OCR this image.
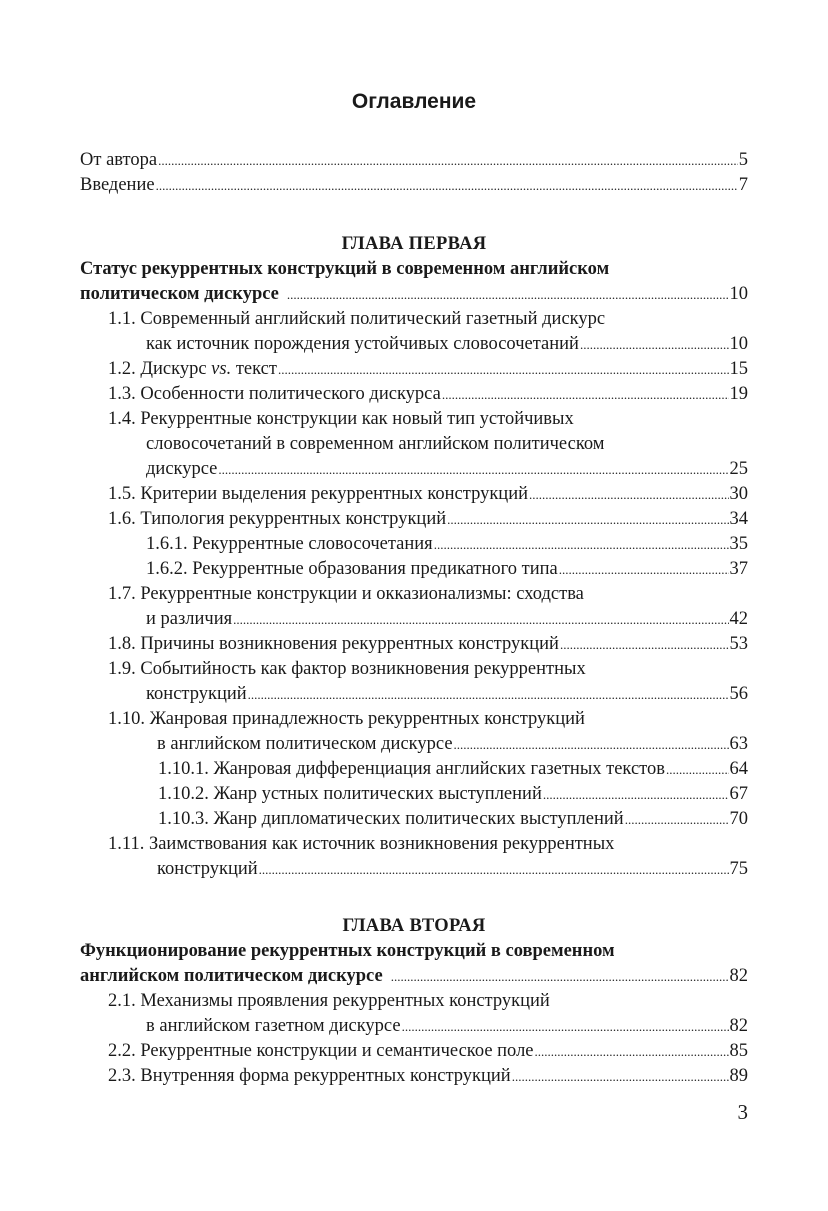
Оглавление
От автора .....	5
Введение .....	7
ГЛАВА ПЕРВАЯ
Статус рекуррентных конструкций в современном английском
политическом дискурсе .....	10
1.1. Современный английский политический газетный дискурс
как источник порождения устойчивых словосочетаний .....	10
1.2. Дискурс vs. текст .....	15
1.3. Особенности политического дискурса .....	19
1.4. Рекуррентные конструкции как новый тип устойчивых
словосочетаний в современном английском политическом
дискурсе .....	25
1.5. Критерии выделения рекуррентных конструкций .....	30
1.6. Типология рекуррентных конструкций .....	34
1.6.1. Рекуррентные словосочетания .....	35
1.6.2. Рекуррентные образования предикатного типа .....	37
1.7. Рекуррентные конструкции и окказионализмы: сходства
и различия .....	42
1.8. Причины возникновения рекуррентных конструкций .....	53
1.9. Событийность как фактор возникновения рекуррентных
конструкций .....	56
1.10. Жанровая принадлежность рекуррентных конструкций
в английском политическом дискурсе .....	63
1.10.1. Жанровая дифференциация английских газетных текстов .....	64
1.10.2. Жанр устных политических выступлений .....	67
1.10.3. Жанр дипломатических политических выступлений .....	70
1.11. Заимствования как источник возникновения рекуррентных
конструкций .....	75
ГЛАВА ВТОРАЯ
Функционирование рекуррентных конструкций в современном
английском политическом дискурсе .....	82
2.1. Механизмы проявления рекуррентных конструкций
в английском газетном дискурсе .....	82
2.2. Рекуррентные конструкции и семантическое поле .....	85
2.3. Внутренняя форма рекуррентных конструкций .....	89
3
